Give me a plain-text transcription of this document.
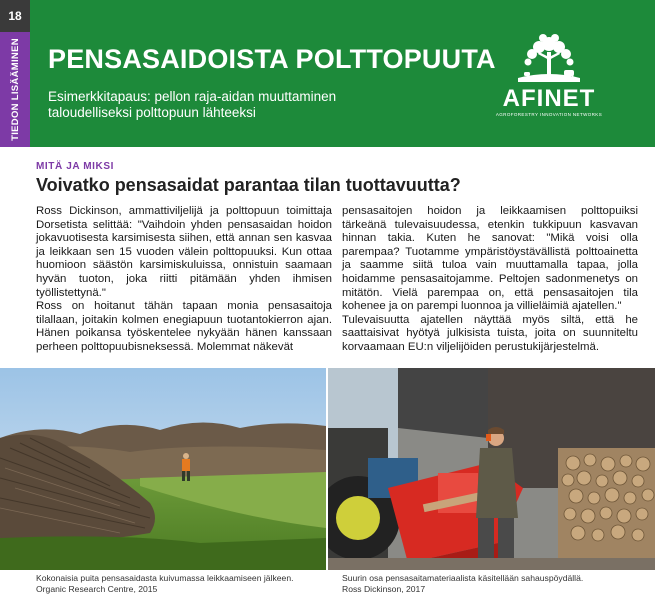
18
TIEDON LISÄÄMINEN PENSASAIDOISTA POLTTOPUUTA
Esimerkkitapaus: pellon raja-aidan muuttaminen taloudelliseksi polttopuun lähteeksi
AFINET
AGROFORESTRY INNOVATION NETWORKS
MITÄ JA MIKSI
Voivatko pensasaidat parantaa tilan tuottavuutta?

Ross Dickinson, ammattiviljelijä ja polttopuun toimittaja Dorsetista selittää: "Vaihdoin yhden pensasaidan hoidon jokavuotisesta karsimisesta siihen, että annan sen kasvaa ja leikkaan sen 15 vuoden välein polttopuuksi. Kun ottaa huomioon säästön karsimiskuluissa, onnistuin saamaan hyvän tuoton, joka riitti pitämään yhden ihmisen työllistettynä."

Ross on hoitanut tähän tapaan monia pensasaitoja tilallaan, joitakin kolmen enegiapuun tuotantokierron ajan. Hänen poikansa työskentelee nykyään hänen kanssaan perheen polttopuubisneksessä. Molemmat näkevät

pensasaitojen hoidon ja leikkaamisen polttopuiksi tärkeänä tulevaisuudessa, etenkin tukkipuun kasvavan hinnan takia. Kuten he sanovat: "Mikä voisi olla parempaa? Tuotamme ympäristöystävällistä polttoainetta ja saamme siitä tuloa vain muuttamalla tapaa, jolla hoidamme pensasaitojamme. Peltojen sadonmenetys on mitätön. Vielä parempaa on, että pensasaitojen tila kohenee ja on parempi luonnoa ja villieläimiä ajatellen."

Tulevaisuutta ajatellen näyttää myös siltä, että he saattaisivat hyötyä julkisista tuista, joita on suunniteltu korvaamaan EU:n viljelijöiden perustukijärjestelmä.

Kokonaisia puita pensasaidasta kuivumassa leikkaamiseen jälkeen.
Organic Research Centre, 2015
Suurin osa pensasaitamateriaalista käsitellään sahauspöydällä.
Ross Dickinson, 2017
